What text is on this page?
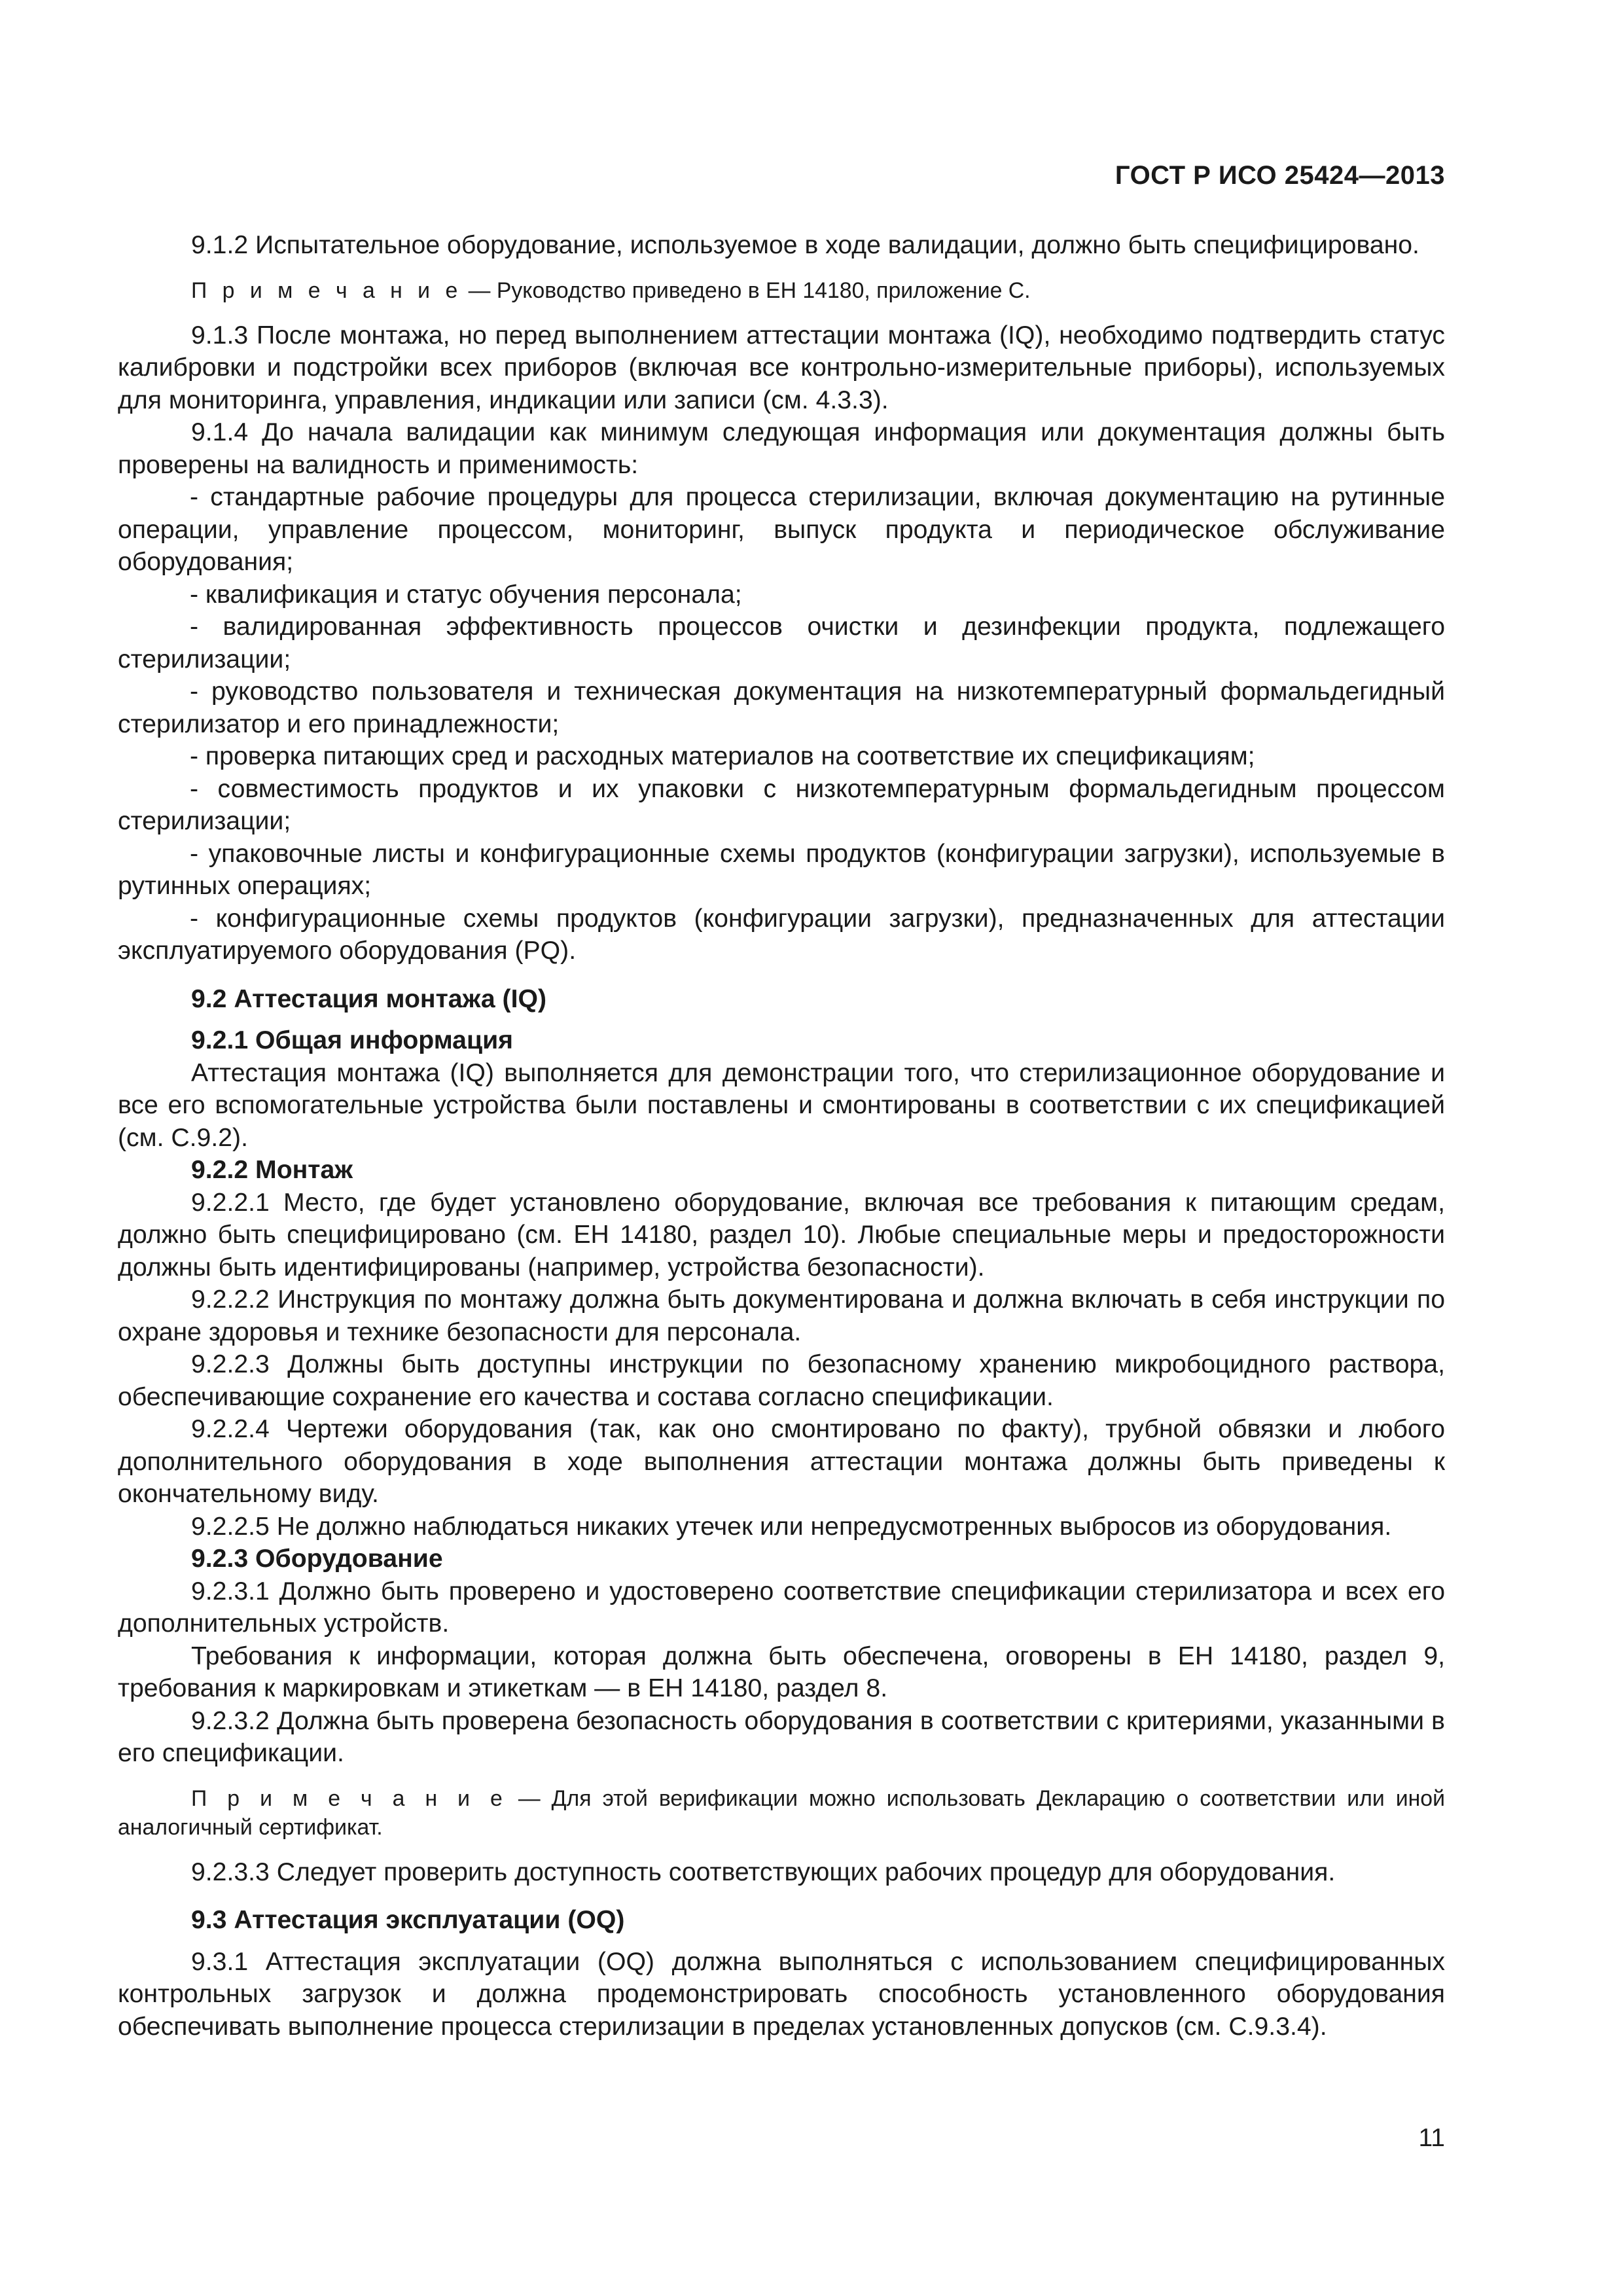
ГОСТ Р ИСО 25424—2013

9.1.2 Испытательное оборудование, используемое в ходе валидации, должно быть специфицировано.

П р и м е ч а н и е — Руководство приведено в ЕН 14180, приложение С.

9.1.3 После монтажа, но перед выполнением аттестации монтажа (IQ), необходимо подтвердить статус калибровки и подстройки всех приборов (включая все контрольно-измерительные приборы), используемых для мониторинга, управления, индикации или записи (см. 4.3.3).

9.1.4 До начала валидации как минимум следующая информация или документация должны быть проверены на валидность и применимость:

- стандартные рабочие процедуры для процесса стерилизации, включая документацию на рутинные операции, управление процессом, мониторинг, выпуск продукта и периодическое обслуживание оборудования;

- квалификация и статус обучения персонала;

- валидированная эффективность процессов очистки и дезинфекции продукта, подлежащего стерилизации;

- руководство пользователя и техническая документация на низкотемпературный формальдегидный стерилизатор и его принадлежности;

- проверка питающих сред и расходных материалов на соответствие их спецификациям;

- совместимость продуктов и их упаковки с низкотемпературным формальдегидным процессом стерилизации;

- упаковочные листы и конфигурационные схемы продуктов (конфигурации загрузки), используемые в рутинных операциях;

- конфигурационные схемы продуктов (конфигурации загрузки), предназначенных для аттестации эксплуатируемого оборудования (PQ).

9.2 Аттестация монтажа (IQ)

9.2.1 Общая информация

Аттестация монтажа (IQ) выполняется для демонстрации того, что стерилизационное оборудование и все его вспомогательные устройства были поставлены и смонтированы в соответствии с их спецификацией (см. С.9.2).

9.2.2 Монтаж

9.2.2.1 Место, где будет установлено оборудование, включая все требования к питающим средам, должно быть специфицировано (см. ЕН 14180, раздел 10). Любые специальные меры и предосторожности должны быть идентифицированы (например, устройства безопасности).

9.2.2.2 Инструкция по монтажу должна быть документирована и должна включать в себя инструкции по охране здоровья и технике безопасности для персонала.

9.2.2.3 Должны быть доступны инструкции по безопасному хранению микробоцидного раствора, обеспечивающие сохранение его качества и состава согласно спецификации.

9.2.2.4 Чертежи оборудования (так, как оно смонтировано по факту), трубной обвязки и любого дополнительного оборудования в ходе выполнения аттестации монтажа должны быть приведены к окончательному виду.

9.2.2.5 Не должно наблюдаться никаких утечек или непредусмотренных выбросов из оборудования.

9.2.3 Оборудование

9.2.3.1 Должно быть проверено и удостоверено соответствие спецификации стерилизатора и всех его дополнительных устройств.

Требования к информации, которая должна быть обеспечена, оговорены в ЕН 14180, раздел 9, требования к маркировкам и этикеткам — в ЕН 14180, раздел 8.

9.2.3.2 Должна быть проверена безопасность оборудования в соответствии с критериями, указанными в его спецификации.

П р и м е ч а н и е — Для этой верификации можно использовать Декларацию о соответствии или иной аналогичный сертификат.

9.2.3.3 Следует проверить доступность соответствующих рабочих процедур для оборудования.

9.3 Аттестация эксплуатации (OQ)

9.3.1 Аттестация эксплуатации (OQ) должна выполняться с использованием специфицированных контрольных загрузок и должна продемонстрировать способность установленного оборудования обеспечивать выполнение процесса стерилизации в пределах установленных допусков (см. С.9.3.4).

11
